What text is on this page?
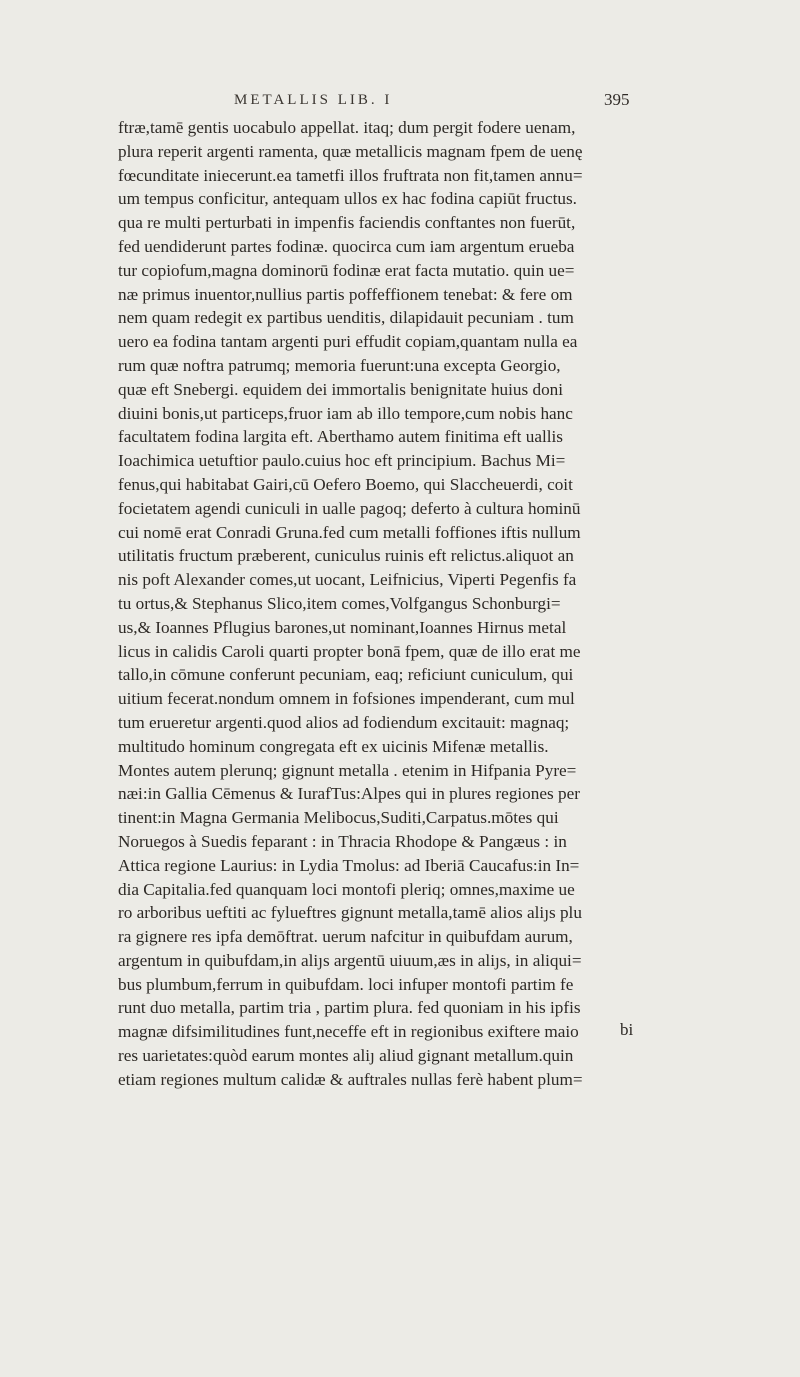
METALLIS LIB. I	395
ftræ,tamē gentis uocabulo appellat. itaq; dum pergit fodere uenam,
plura reperit argenti ramenta, quæ metallicis magnam fpem de uenę
fœcunditate iniecerunt.ea tametfi illos fruftrata non fit,tamen annu=
um tempus conficitur, antequam ullos ex hac fodina capiūt fructus.
qua re multi perturbati in impenfis faciendis conftantes non fuerūt,
fed uendiderunt partes fodinæ. quocirca cum iam argentum erueba
tur copiofum,magna dominorū fodinæ erat facta mutatio. quin ue=
næ primus inuentor,nullius partis poffeffionem tenebat: & fere om
nem quam redegit ex partibus uenditis, dilapidauit pecuniam . tum
uero ea fodina tantam argenti puri effudit copiam,quantam nulla ea
rum quæ noftra patrumq; memoria fuerunt:una excepta Georgio,
quæ eft Snebergi. equidem dei immortalis benignitate huius doni
diuini bonis,ut particeps,fruor iam ab illo tempore,cum nobis hanc
facultatem fodina largita eft. Aberthamo autem finitima eft uallis
Ioachimica uetuftior paulo.cuius hoc eft principium. Bachus Mi=
fenus,qui habitabat Gairi,cū Oefero Boemo, qui Slaccheuerdi, coit
focietatem agendi cuniculi in ualle pagoq; deferto à cultura hominū
cui nomē erat Conradi Gruna.fed cum metalli foffiones iftis nullum
utilitatis fructum præberent, cuniculus ruinis eft relictus.aliquot an
nis poft Alexander comes,ut uocant, Leifnicius, Viperti Pegenfis fa
tu ortus,& Stephanus Slico,item comes,Volfgangus Schonburgi=
us,& Ioannes Pflugius barones,ut nominant,Ioannes Hirnus metal
licus in calidis Caroli quarti propter bonā fpem, quæ de illo erat me
tallo,in cōmune conferunt pecuniam, eaq; reficiunt cuniculum, qui
uitium fecerat.nondum omnem in fofsiones impenderant, cum mul
tum erueretur argenti.quod alios ad fodiendum excitauit: magnaq;
multitudo hominum congregata eft ex uicinis Mifenæ metallis.
Montes autem plerunq; gignunt metalla . etenim in Hifpania Pyre=
næi:in Gallia Cēmenus & IurafTus:Alpes qui in plures regiones per
tinent:in Magna Germania Melibocus,Suditi,Carpatus.mōtes qui
Noruegos à Suedis feparant : in Thracia Rhodope & Pangæus : in
Attica regione Laurius: in Lydia Tmolus: ad Iberiā Caucafus:in In=
dia Capitalia.fed quanquam loci montofi pleriq; omnes,maxime ue
ro arboribus ueftiti ac fylueftres gignunt metalla,tamē alios aliȷs plu
ra gignere res ipfa demōftrat. uerum nafcitur in quibufdam aurum,
argentum in quibufdam,in aliȷs argentū uiuum,æs in aliȷs, in aliqui=
bus plumbum,ferrum in quibufdam. loci infuper montofi partim fe
runt duo metalla, partim tria , partim plura. fed quoniam in his ipfis
magnæ difsimilitudines funt,neceffe eft in regionibus exiftere maio
res uarietates:quòd earum montes aliȷ aliud gignant metallum.quin
etiam regiones multum calidæ & auftrales nullas ferè habent plum=
bi
